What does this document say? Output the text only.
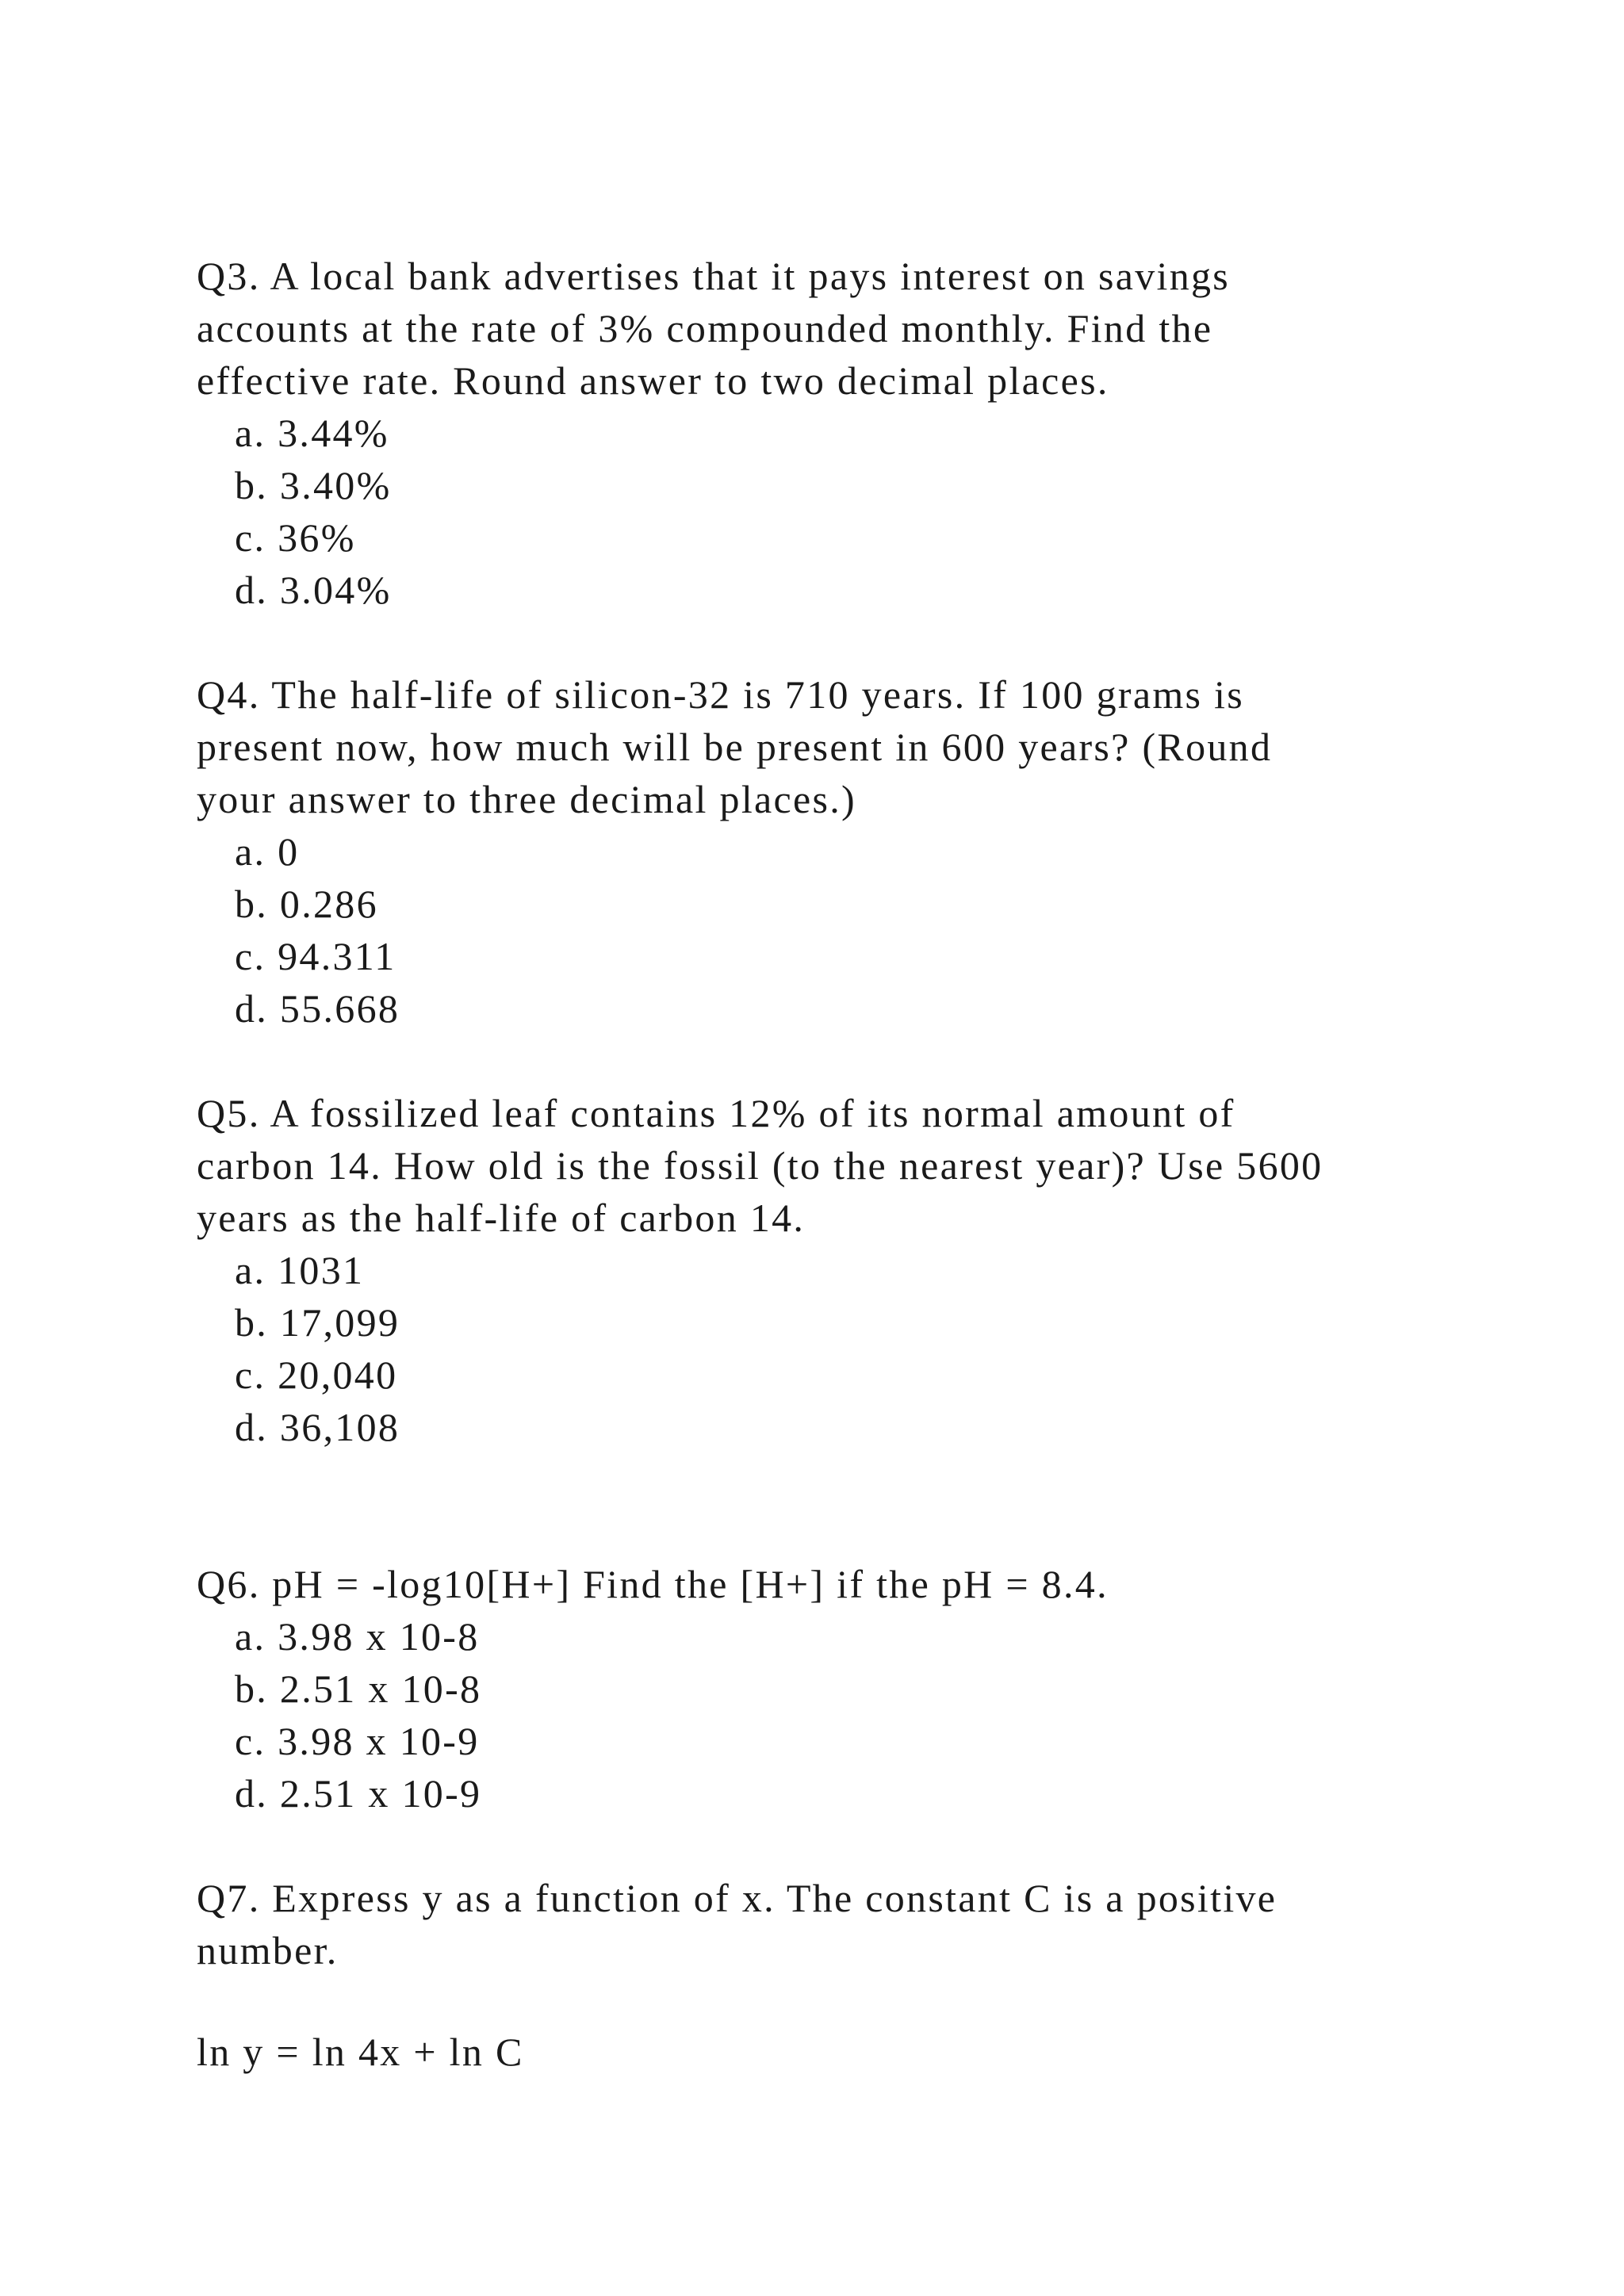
Q3. A local bank advertises that it pays interest on savings
accounts at the rate of 3% compounded monthly. Find the
effective rate. Round answer to two decimal places.
a. 3.44%
b. 3.40%
c. 36%
d. 3.04%
Q4. The half-life of silicon-32 is 710 years. If 100 grams is
present now, how much will be present in 600 years? (Round
your answer to three decimal places.)
a. 0
b. 0.286
c. 94.311
d. 55.668
Q5. A fossilized leaf contains 12% of its normal amount of
carbon 14. How old is the fossil (to the nearest year)? Use 5600
years as the half-life of carbon 14.
a. 1031
b. 17,099
c. 20,040
d. 36,108
Q6. pH = -log10[H+] Find the [H+] if the pH = 8.4.
a. 3.98 x 10-8
b. 2.51 x 10-8
c. 3.98 x 10-9
d. 2.51 x 10-9
Q7. Express y as a function of x. The constant C is a positive
number.
ln y = ln 4x + ln C
